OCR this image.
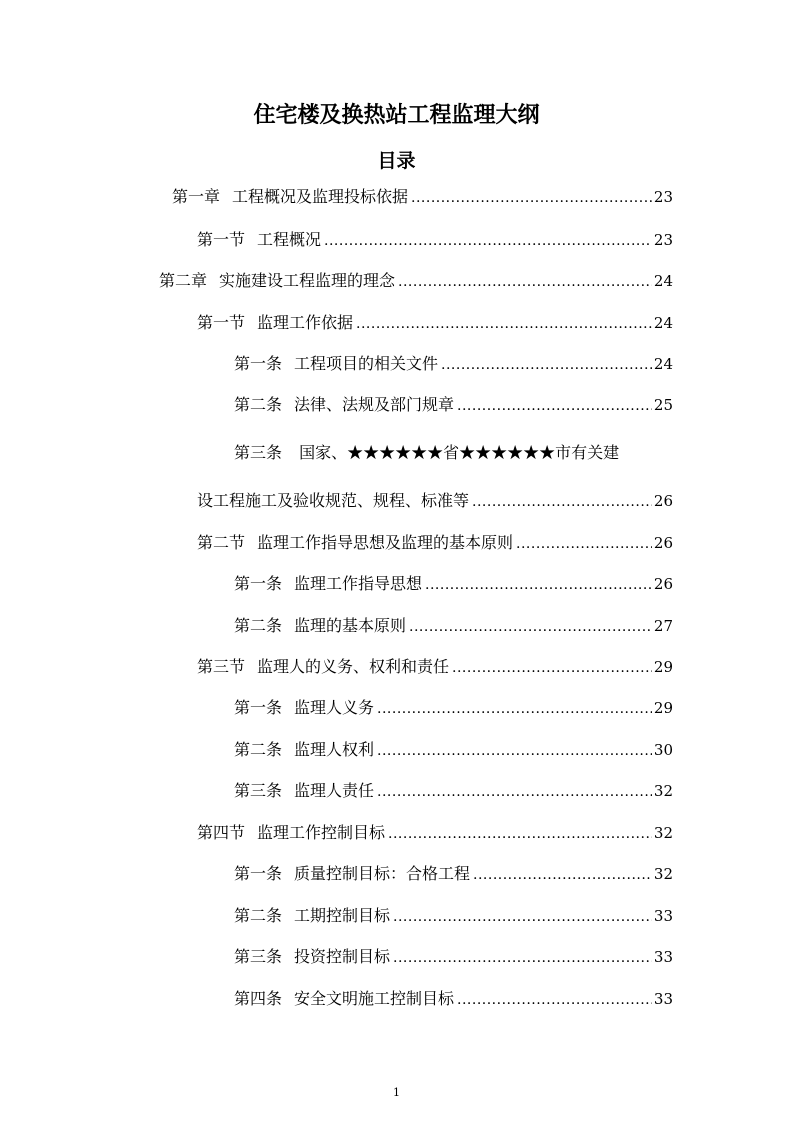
住宅楼及换热站工程监理大纲
目录
第一章 工程概况及监理投标依据 .....	23
第一节 工程概况 .....	23
第二章 实施建设工程监理的理念 .....	24
第一节 监理工作依据 .....	24
第一条 工程项目的相关文件 .....	24
第二条 法律、法规及部门规章 .....	25
第三条 国家、★★★★★★省★★★★★★市有关建
设工程施工及验收规范、规程、标准等 .....	26
第二节 监理工作指导思想及监理的基本原则 .....	26
第一条 监理工作指导思想 .....	26
第二条 监理的基本原则 .....	27
第三节 监理人的义务、权利和责任 .....	29
第一条 监理人义务 .....	29
第二条 监理人权利 .....	30
第三条 监理人责任 .....	32
第四节 监理工作控制目标 .....	32
第一条 质量控制目标：合格工程 .....	32
第二条 工期控制目标 .....	33
第三条 投资控制目标 .....	33
第四条 安全文明施工控制目标 .....	33
1
